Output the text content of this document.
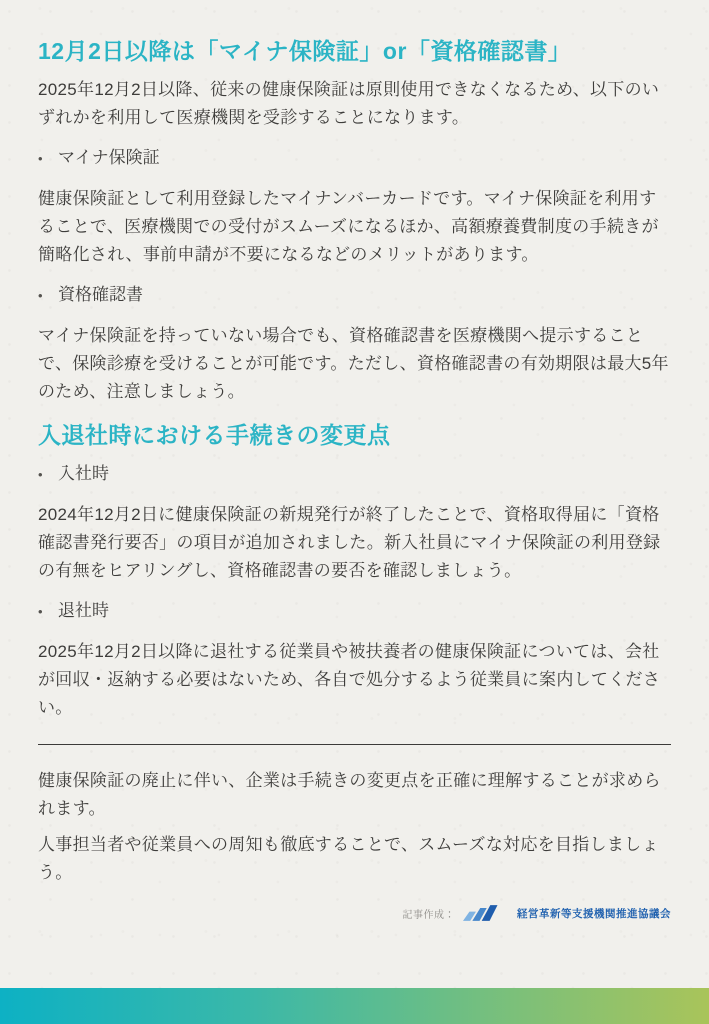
12月2日以降は「マイナ保険証」or「資格確認書」

2025年12月2日以降、従来の健康保険証は原則使用できなくなるため、以下のいずれかを利用して医療機関を受診することになります。

• マイナ保険証

健康保険証として利用登録したマイナンバーカードです。マイナ保険証を利用することで、医療機関での受付がスムーズになるほか、高額療養費制度の手続きが簡略化され、事前申請が不要になるなどのメリットがあります。

• 資格確認書

マイナ保険証を持っていない場合でも、資格確認書を医療機関へ提示することで、保険診療を受けることが可能です。ただし、資格確認書の有効期限は最大5年のため、注意しましょう。

入退社時における手続きの変更点
• 入社時

2024年12月2日に健康保険証の新規発行が終了したことで、資格取得届に「資格確認書発行要否」の項目が追加されました。新入社員にマイナ保険証の利用登録の有無をヒアリングし、資格確認書の要否を確認しましょう。

• 退社時

2025年12月2日以降に退社する従業員や被扶養者の健康保険証については、会社が回収・返納する必要はないため、各自で処分するよう従業員に案内してください。

健康保険証の廃止に伴い、企業は手続きの変更点を正確に理解することが求められます。

人事担当者や従業員への周知も徹底することで、スムーズな対応を目指しましょう。

記事作成：	経営革新等支援機関推進協議会
